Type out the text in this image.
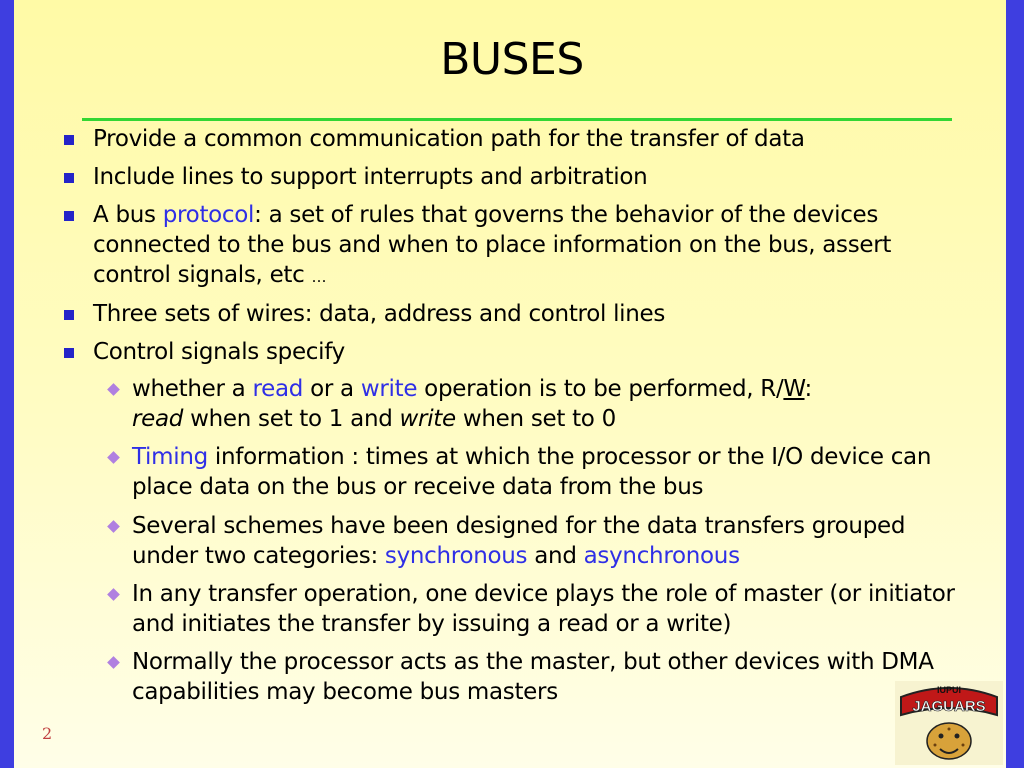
BUSES
Provide a common communication path for the transfer of data
Include lines to support interrupts and arbitration
A bus protocol: a set of rules that governs the behavior of the devices connected to the bus and when to place information on the bus, assert control signals, etc …
Three sets of wires: data, address and control lines
Control signals specify
whether a read or a write operation is to be performed, R/W:
read when set to 1 and write when set to 0
Timing information : times at which the processor or the I/O device can place data on the bus or receive data from the bus
Several schemes have been designed for the data transfers grouped under two categories: synchronous and asynchronous
In any transfer operation, one device plays the role of master (or initiator and initiates the transfer by issuing a read or a write)
Normally the processor acts as the master, but other devices with DMA capabilities may become bus masters
2
IUPUI
JAGUARS
